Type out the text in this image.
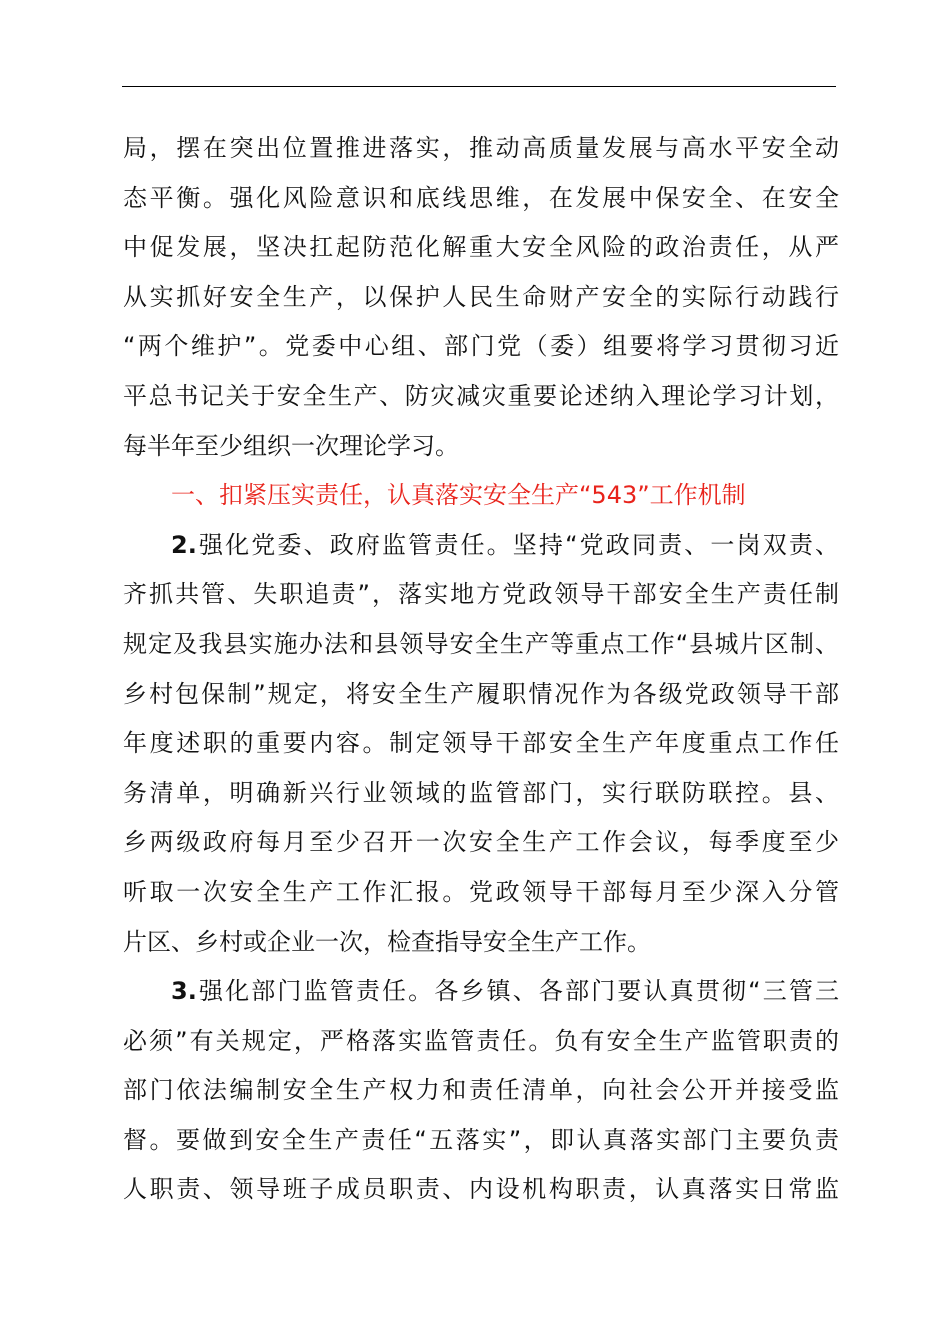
局，摆在突出位置推进落实，推动高质量发展与高水平安全动
态平衡。强化风险意识和底线思维，在发展中保安全、在安全
中促发展，坚决扛起防范化解重大安全风险的政治责任，从严
从实抓好安全生产，以保护人民生命财产安全的实际行动践行
“两个维护”。党委中心组、部门党（委）组要将学习贯彻习近
平总书记关于安全生产、防灾减灾重要论述纳入理论学习计划，
每半年至少组织一次理论学习。
一、扣紧压实责任，认真落实安全生产“543”工作机制
2.强化党委、政府监管责任。坚持“党政同责、一岗双责、
齐抓共管、失职追责”，落实地方党政领导干部安全生产责任制
规定及我县实施办法和县领导安全生产等重点工作“县城片区制、
乡村包保制”规定，将安全生产履职情况作为各级党政领导干部
年度述职的重要内容。制定领导干部安全生产年度重点工作任
务清单，明确新兴行业领域的监管部门，实行联防联控。县、
乡两级政府每月至少召开一次安全生产工作会议，每季度至少
听取一次安全生产工作汇报。党政领导干部每月至少深入分管
片区、乡村或企业一次，检查指导安全生产工作。
3.强化部门监管责任。各乡镇、各部门要认真贯彻“三管三
必须”有关规定，严格落实监管责任。负有安全生产监管职责的
部门依法编制安全生产权力和责任清单，向社会公开并接受监
督。要做到安全生产责任“五落实”，即认真落实部门主要负责
人职责、领导班子成员职责、内设机构职责，认真落实日常监
